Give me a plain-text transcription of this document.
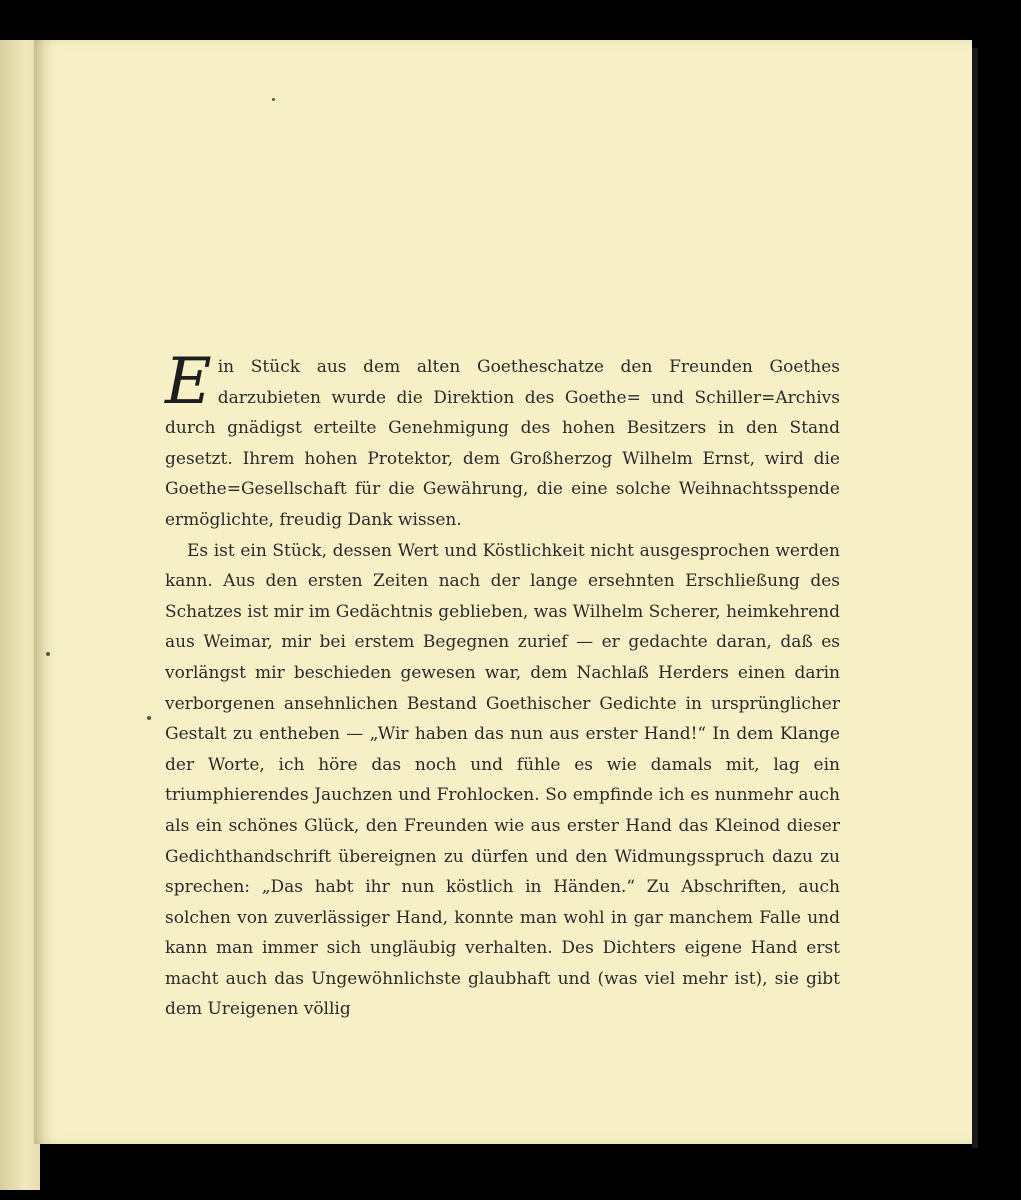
E in Stück aus dem alten Goetheschatze den Freunden Goethes darzubieten wurde die Direktion des Goethe= und Schiller=Archivs durch gnädigst erteilte Genehmigung des hohen Besitzers in den Stand gesetzt. Ihrem hohen Protektor, dem Großherzog Wilhelm Ernst, wird die Goethe=Gesellschaft für die Gewährung, die eine solche Weihnachtsspende ermöglichte, freudig Dank wissen.

Es ist ein Stück, dessen Wert und Köstlichkeit nicht ausgesprochen werden kann. Aus den ersten Zeiten nach der lange ersehnten Erschließung des Schatzes ist mir im Gedächtnis geblieben, was Wilhelm Scherer, heimkehrend aus Weimar, mir bei erstem Begegnen zurief — er gedachte daran, daß es vorlängst mir beschieden gewesen war, dem Nachlaß Herders einen darin verborgenen ansehnlichen Bestand Goethischer Gedichte in ursprünglicher Gestalt zu entheben — „Wir haben das nun aus erster Hand!“ In dem Klange der Worte, ich höre das noch und fühle es wie damals mit, lag ein triumphierendes Jauchzen und Frohlocken. So empfinde ich es nunmehr auch als ein schönes Glück, den Freunden wie aus erster Hand das Kleinod dieser Gedichthandschrift übereignen zu dürfen und den Widmungsspruch dazu zu sprechen: „Das habt ihr nun köstlich in Händen.“ Zu Abschriften, auch solchen von zuverlässiger Hand, konnte man wohl in gar manchem Falle und kann man immer sich ungläubig verhalten. Des Dichters eigene Hand erst macht auch das Ungewöhnlichste glaubhaft und (was viel mehr ist), sie gibt dem Ureigenen völlig
